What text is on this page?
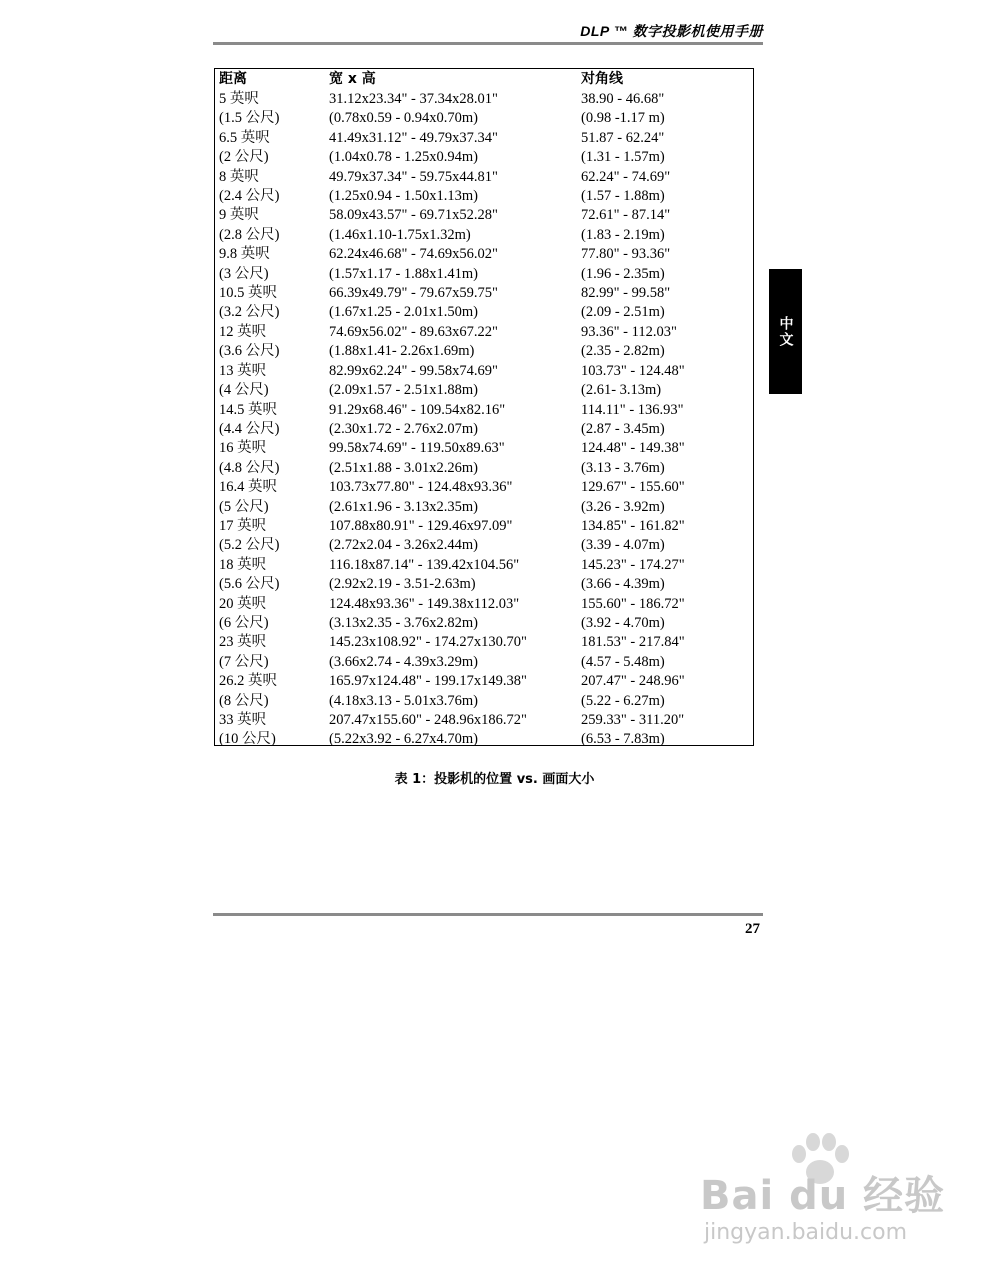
DLP ™ 数字投影机使用手册
中文
距离	宽 x 高	对角线
5 英呎	31.12x23.34" - 37.34x28.01"	38.90 - 46.68"
(1.5 公尺)	(0.78x0.59 - 0.94x0.70m)	(0.98 -1.17 m)
6.5 英呎	41.49x31.12" - 49.79x37.34"	51.87 - 62.24"
(2 公尺)	(1.04x0.78 - 1.25x0.94m)	(1.31 - 1.57m)
8 英呎	49.79x37.34" - 59.75x44.81"	62.24" - 74.69"
(2.4 公尺)	(1.25x0.94 - 1.50x1.13m)	(1.57 - 1.88m)
9 英呎	58.09x43.57" - 69.71x52.28"	72.61" - 87.14"
(2.8 公尺)	(1.46x1.10-1.75x1.32m)	(1.83 - 2.19m)
9.8 英呎	62.24x46.68" - 74.69x56.02"	77.80" - 93.36"
(3 公尺)	(1.57x1.17 - 1.88x1.41m)	(1.96 - 2.35m)
10.5 英呎	66.39x49.79" - 79.67x59.75"	82.99" - 99.58"
(3.2 公尺)	(1.67x1.25 - 2.01x1.50m)	(2.09 - 2.51m)
12 英呎	74.69x56.02" - 89.63x67.22"	93.36" - 112.03"
(3.6 公尺)	(1.88x1.41- 2.26x1.69m)	(2.35 - 2.82m)
13 英呎	82.99x62.24" - 99.58x74.69"	103.73" - 124.48"
(4 公尺)	(2.09x1.57 - 2.51x1.88m)	(2.61- 3.13m)
14.5 英呎	91.29x68.46" - 109.54x82.16"	114.11" - 136.93"
(4.4 公尺)	(2.30x1.72 - 2.76x2.07m)	(2.87 - 3.45m)
16 英呎	99.58x74.69" - 119.50x89.63"	124.48" - 149.38"
(4.8 公尺)	(2.51x1.88 - 3.01x2.26m)	(3.13 - 3.76m)
16.4 英呎	103.73x77.80" - 124.48x93.36"	129.67" - 155.60"
(5 公尺)	(2.61x1.96 - 3.13x2.35m)	(3.26 - 3.92m)
17 英呎	107.88x80.91" - 129.46x97.09"	134.85" - 161.82"
(5.2 公尺)	(2.72x2.04 - 3.26x2.44m)	(3.39 - 4.07m)
18 英呎	116.18x87.14" - 139.42x104.56"	145.23" - 174.27"
(5.6 公尺)	(2.92x2.19 - 3.51-2.63m)	(3.66 - 4.39m)
20 英呎	124.48x93.36" - 149.38x112.03"	155.60" - 186.72"
(6 公尺)	(3.13x2.35 - 3.76x2.82m)	(3.92 - 4.70m)
23 英呎	145.23x108.92" - 174.27x130.70"	181.53" - 217.84"
(7 公尺)	(3.66x2.74 - 4.39x3.29m)	(4.57 - 5.48m)
26.2 英呎	165.97x124.48" - 199.17x149.38"	207.47" - 248.96"
(8 公尺)	(4.18x3.13 - 5.01x3.76m)	(5.22 - 6.27m)
33 英呎	207.47x155.60" - 248.96x186.72"	259.33" - 311.20"
(10 公尺)	(5.22x3.92 - 6.27x4.70m)	(6.53 - 7.83m)
表 1：投影机的位置 vs. 画面大小
27
Bai du 经验
jingyan.baidu.com
